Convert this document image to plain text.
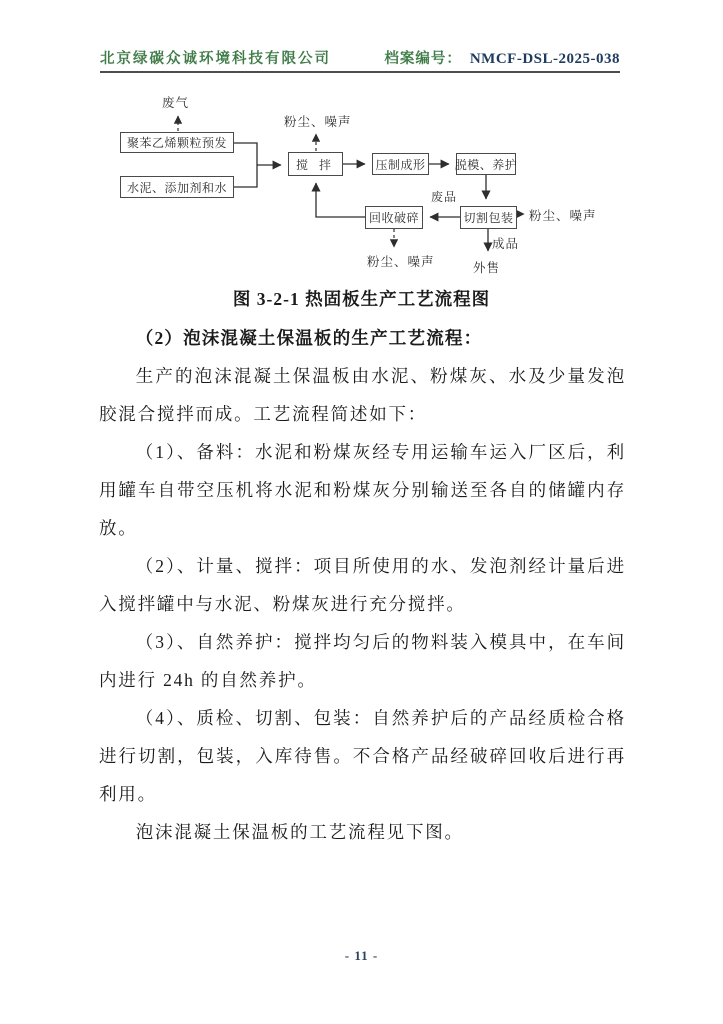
北京绿碳众诚环境科技有限公司	档案编号： NMCF-DSL-2025-038
聚苯乙烯颗粒预发
水泥、添加剂和水
搅 拌	压制成形 脱模、养护
切割包装
回收破碎
废气
粉尘、噪声
废品
粉尘、噪声
成品
外售
粉尘、噪声
图 3-2-1 热固板生产工艺流程图

（2）泡沫混凝土保温板的生产工艺流程：

生产的泡沫混凝土保温板由水泥、粉煤灰、水及少量发泡胶混合搅拌而成。工艺流程简述如下：

（1）、备料：水泥和粉煤灰经专用运输车运入厂区后，利用罐车自带空压机将水泥和粉煤灰分别输送至各自的储罐内存放。

（2）、计量、搅拌：项目所使用的水、发泡剂经计量后进入搅拌罐中与水泥、粉煤灰进行充分搅拌。

（3）、自然养护：搅拌均匀后的物料装入模具中，在车间内进行 24h 的自然养护。

（4）、质检、切割、包装：自然养护后的产品经质检合格进行切割，包装，入库待售。不合格产品经破碎回收后进行再利用。

泡沫混凝土保温板的工艺流程见下图。

- 11 -
